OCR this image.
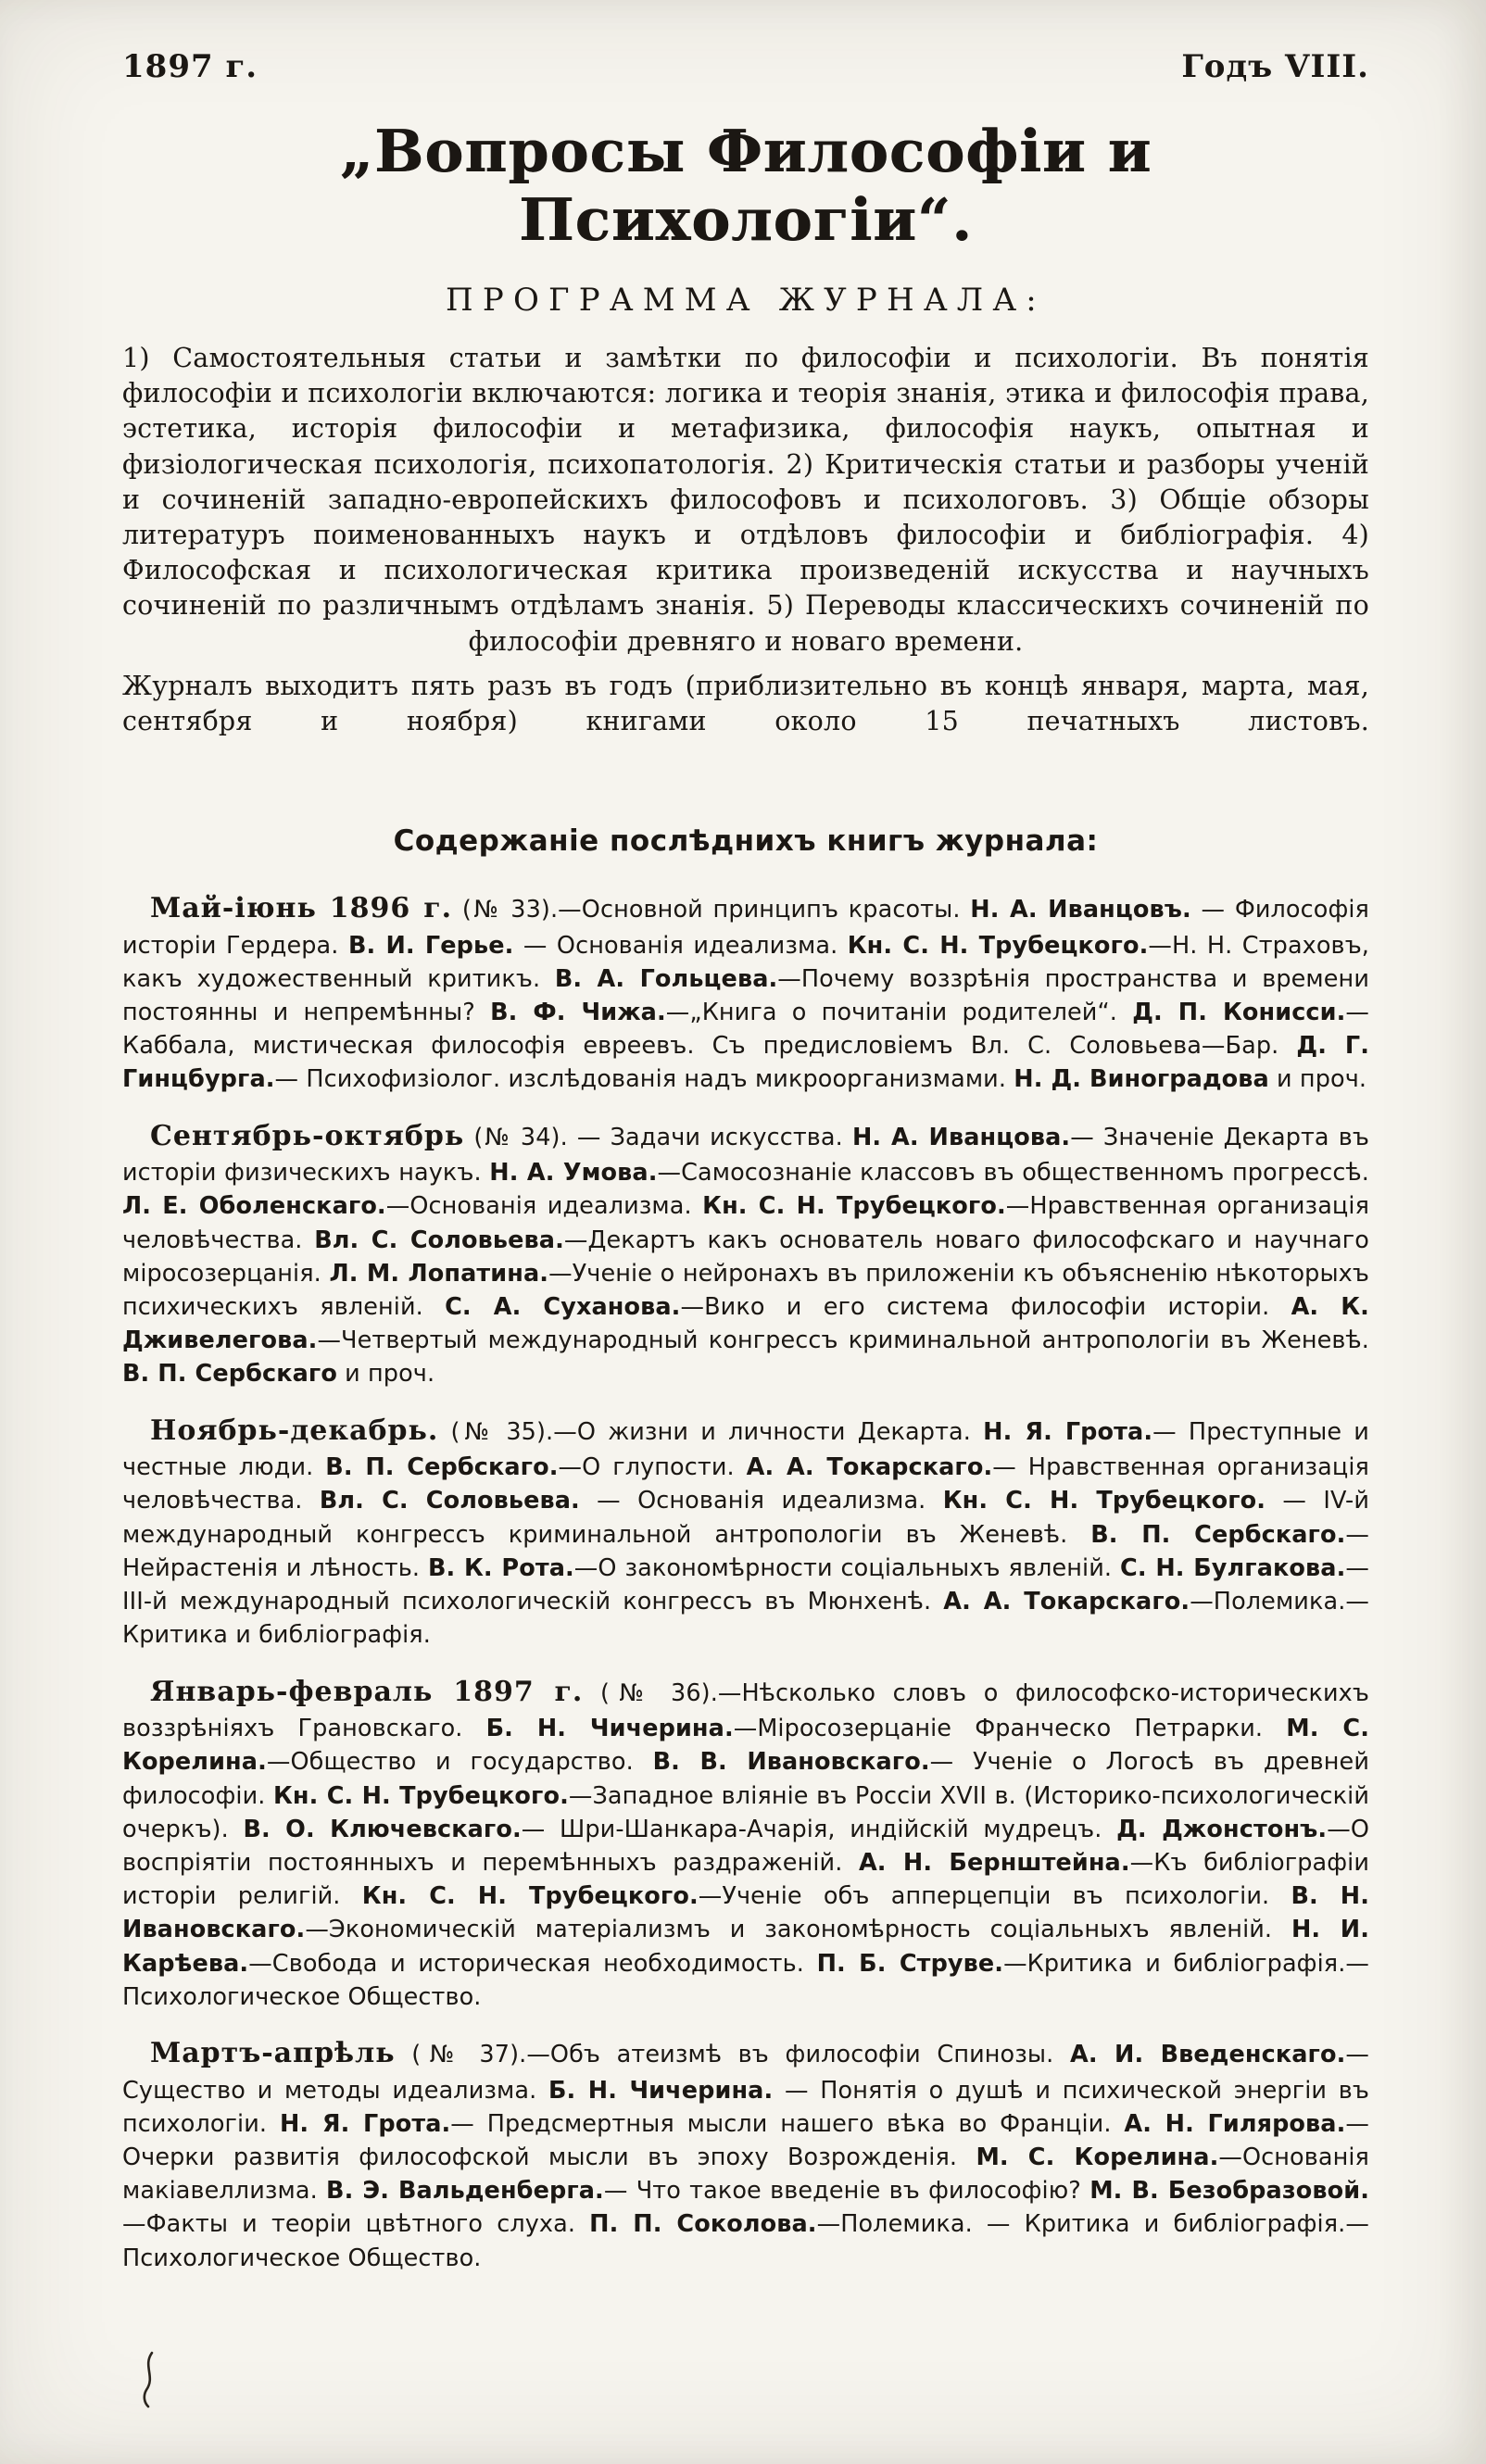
1897 г.	Годъ VIII.
„Вопросы Философіи и Психологіи“.
ПРОГРАММА ЖУРНАЛА:

1) Самостоятельныя статьи и замѣтки по философіи и психологіи. Въ понятія философіи и психологіи включаются: логика и теорія знанія, этика и философія права, эстетика, исторія философіи и метафизика, философія наукъ, опытная и физіологическая психологія, психопатологія. 2) Критическія статьи и разборы ученій и сочиненій западно-европейскихъ философовъ и психологовъ. 3) Общіе обзоры литературъ поименованныхъ наукъ и отдѣловъ философіи и библіографія. 4) Философская и психологическая критика произведеній искусства и научныхъ сочиненій по различнымъ отдѣламъ знанія. 5) Переводы классическихъ сочиненій по философіи древняго и новаго времени.

Журналъ выходитъ пять разъ въ годъ (приблизительно въ концѣ января, марта, мая, сентября и ноября) книгами около 15 печатныхъ листовъ.

Содержаніе послѣднихъ книгъ журнала:

Май-іюнь 1896 г. (№ 33).—Основной принципъ красоты. Н. А. Иванцовъ. — Философія исторіи Гердера. В. И. Герье. — Основанія идеализма. Кн. С. Н. Трубецкого.—Н. Н. Страховъ, какъ художественный критикъ. В. А. Гольцева.—Почему воззрѣнія пространства и времени постоянны и непремѣнны? В. Ф. Чижа.—„Книга о почитаніи родителей“. Д. П. Конисси.—Каббала, мистическая философія евреевъ. Съ предисловіемъ Вл. С. Соловьева—Бар. Д. Г. Гинцбурга.— Психофизіолог. изслѣдованія надъ микроорганизмами. Н. Д. Виноградова и проч.

Сентябрь-октябрь (№ 34). — Задачи искусства. Н. А. Иванцова.— Значеніе Декарта въ исторіи физическихъ наукъ. Н. А. Умова.—Самосознаніе классовъ въ общественномъ прогрессѣ. Л. Е. Оболенскаго.—Основанія идеализма. Кн. С. Н. Трубецкого.—Нравственная организація человѣчества. Вл. С. Соловьева.—Декартъ какъ основатель новаго философскаго и научнаго міросозерцанія. Л. М. Лопатина.—Ученіе о нейронахъ въ приложеніи къ объясненію нѣкоторыхъ психическихъ явленій. С. А. Суханова.—Вико и его система философіи исторіи. А. К. Дживелегова.—Четвертый международный конгрессъ криминальной антропологіи въ Женевѣ. В. П. Сербскаго и проч.

Ноябрь-декабрь. (№ 35).—О жизни и личности Декарта. Н. Я. Грота.— Преступные и честные люди. В. П. Сербскаго.—О глупости. А. А. Токарскаго.— Нравственная организація человѣчества. Вл. С. Соловьева. — Основанія идеализма. Кн. С. Н. Трубецкого. — IV-й международный конгрессъ криминальной антропологіи въ Женевѣ. В. П. Сербскаго.—Нейрастенія и лѣность. В. К. Рота.—О закономѣрности соціальныхъ явленій. С. Н. Булгакова.—III-й международный психологическій конгрессъ въ Мюнхенѣ. А. А. Токарскаго.—Полемика.— Критика и библіографія.

Январь-февраль 1897 г. (№ 36).—Нѣсколько словъ о философско-историческихъ воззрѣніяхъ Грановскаго. Б. Н. Чичерина.—Міросозерцаніе Франческо Петрарки. М. С. Корелина.—Общество и государство. В. В. Ивановскаго.— Ученіе о Логосѣ въ древней философіи. Кн. С. Н. Трубецкого.—Западное вліяніе въ Россіи XVII в. (Историко-психологическій очеркъ). В. О. Ключевскаго.— Шри-Шанкара-Ачарія, индійскій мудрецъ. Д. Джонстонъ.—О воспріятіи постоянныхъ и перемѣнныхъ раздраженій. А. Н. Бернштейна.—Къ библіографіи исторіи религій. Кн. С. Н. Трубецкого.—Ученіе объ апперцепціи въ психологіи. В. Н. Ивановскаго.—Экономическій матеріализмъ и закономѣрность соціальныхъ явленій. Н. И. Карѣева.—Свобода и историческая необходимость. П. Б. Струве.—Критика и библіографія.—Психологическое Общество.

Мартъ-апрѣль (№ 37).—Объ атеизмѣ въ философіи Спинозы. А. И. Введенскаго.—Существо и методы идеализма. Б. Н. Чичерина. — Понятія о душѣ и психической энергіи въ психологіи. Н. Я. Грота.— Предсмертныя мысли нашего вѣка во Франціи. А. Н. Гилярова.—Очерки развитія философской мысли въ эпоху Возрожденія. М. С. Корелина.—Основанія макіавеллизма. В. Э. Вальденберга.— Что такое введеніе въ философію? М. В. Безобразовой.—Факты и теоріи цвѣтного слуха. П. П. Соколова.—Полемика. — Критика и библіографія.— Психологическое Общество.
